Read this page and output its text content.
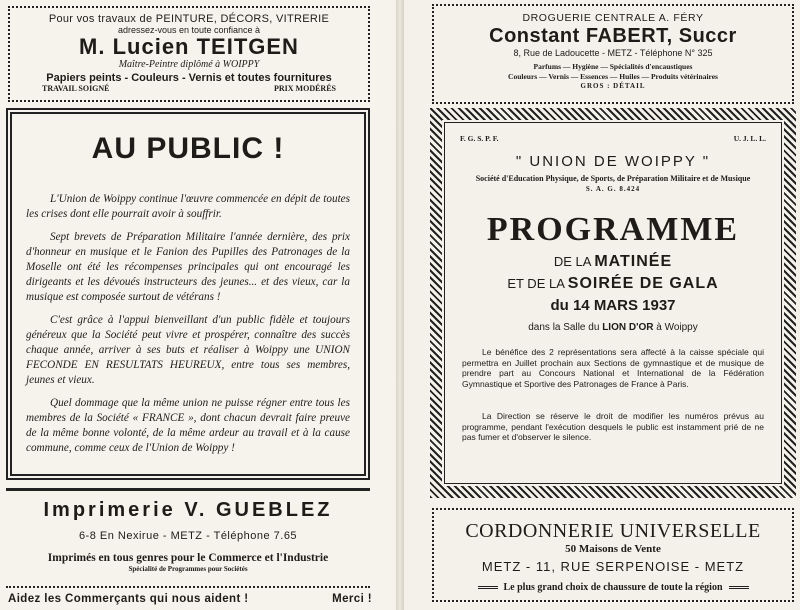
Pour vos travaux de PEINTURE, DÉCORS, VITRERIE
adressez-vous en toute confiance à
M. Lucien TEITGEN
Maître-Peintre diplômé à WOIPPY
Papiers peints - Couleurs - Vernis et toutes fournitures
TRAVAIL SOIGNÉ	PRIX MODÉRÉS
AU PUBLIC !

L'Union de Woippy continue l'œuvre commencée en dépit de toutes les crises dont elle pourrait avoir à souffrir.

Sept brevets de Préparation Militaire l'année dernière, des prix d'honneur en musique et le Fanion des Pupilles des Patronages de la Moselle ont été les récompenses principales qui ont encouragé les dirigeants et les dévoués instructeurs des jeunes... et des vieux, car la musique est composée surtout de vétérans !

C'est grâce à l'appui bienveillant d'un public fidèle et toujours généreux que la Société peut vivre et prospérer, connaître des succès chaque année, arriver à ses buts et réaliser à Woippy une UNION FECONDE EN RESULTATS HEUREUX, entre tous ses membres, jeunes et vieux.

Quel dommage que la même union ne puisse régner entre tous les membres de la Société « FRANCE », dont chacun devrait faire preuve de la même bonne volonté, de la même ardeur au travail et à la cause commune, comme ceux de l'Union de Woippy !

Imprimerie V. GUEBLEZ
6-8 En Nexirue - METZ - Téléphone 7.65
Imprimés en tous genres pour le Commerce et l'Industrie
Spécialité de Programmes pour Sociétés
Aidez les Commerçants qui nous aident !	Merci !
DROGUERIE CENTRALE A. FÉRY
Constant FABERT, Succr
8, Rue de Ladoucette - METZ - Téléphone N° 325
Parfums — Hygiène — Spécialités d'encaustiques
Couleurs — Vernis — Essences — Huiles — Produits vétérinaires
GROS : DÉTAIL
F. G. S. P. F.	U. J. L. L.
" UNION DE WOIPPY "
Société d'Education Physique, de Sports, de Préparation Militaire et de Musique
S. A. G. 8.424
PROGRAMME
DE LA MATINÉE
ET DE LA SOIRÉE DE GALA
du 14 MARS 1937
dans la Salle du LION D'OR à Woippy
Le bénéfice des 2 représentations sera affecté à la caisse spéciale qui permettra en Juillet prochain aux Sections de gymnastique et de musique de prendre part au Concours National et International de la Fédération Gymnastique et Sportive des Patronages de France à Paris.
La Direction se réserve le droit de modifier les numéros prévus au programme, pendant l'exécution desquels le public est instamment prié de ne pas fumer et d'observer le silence.
CORDONNERIE UNIVERSELLE
50 Maisons de Vente
METZ - 11, RUE SERPENOISE - METZ
Le plus grand choix de chaussure de toute la région
